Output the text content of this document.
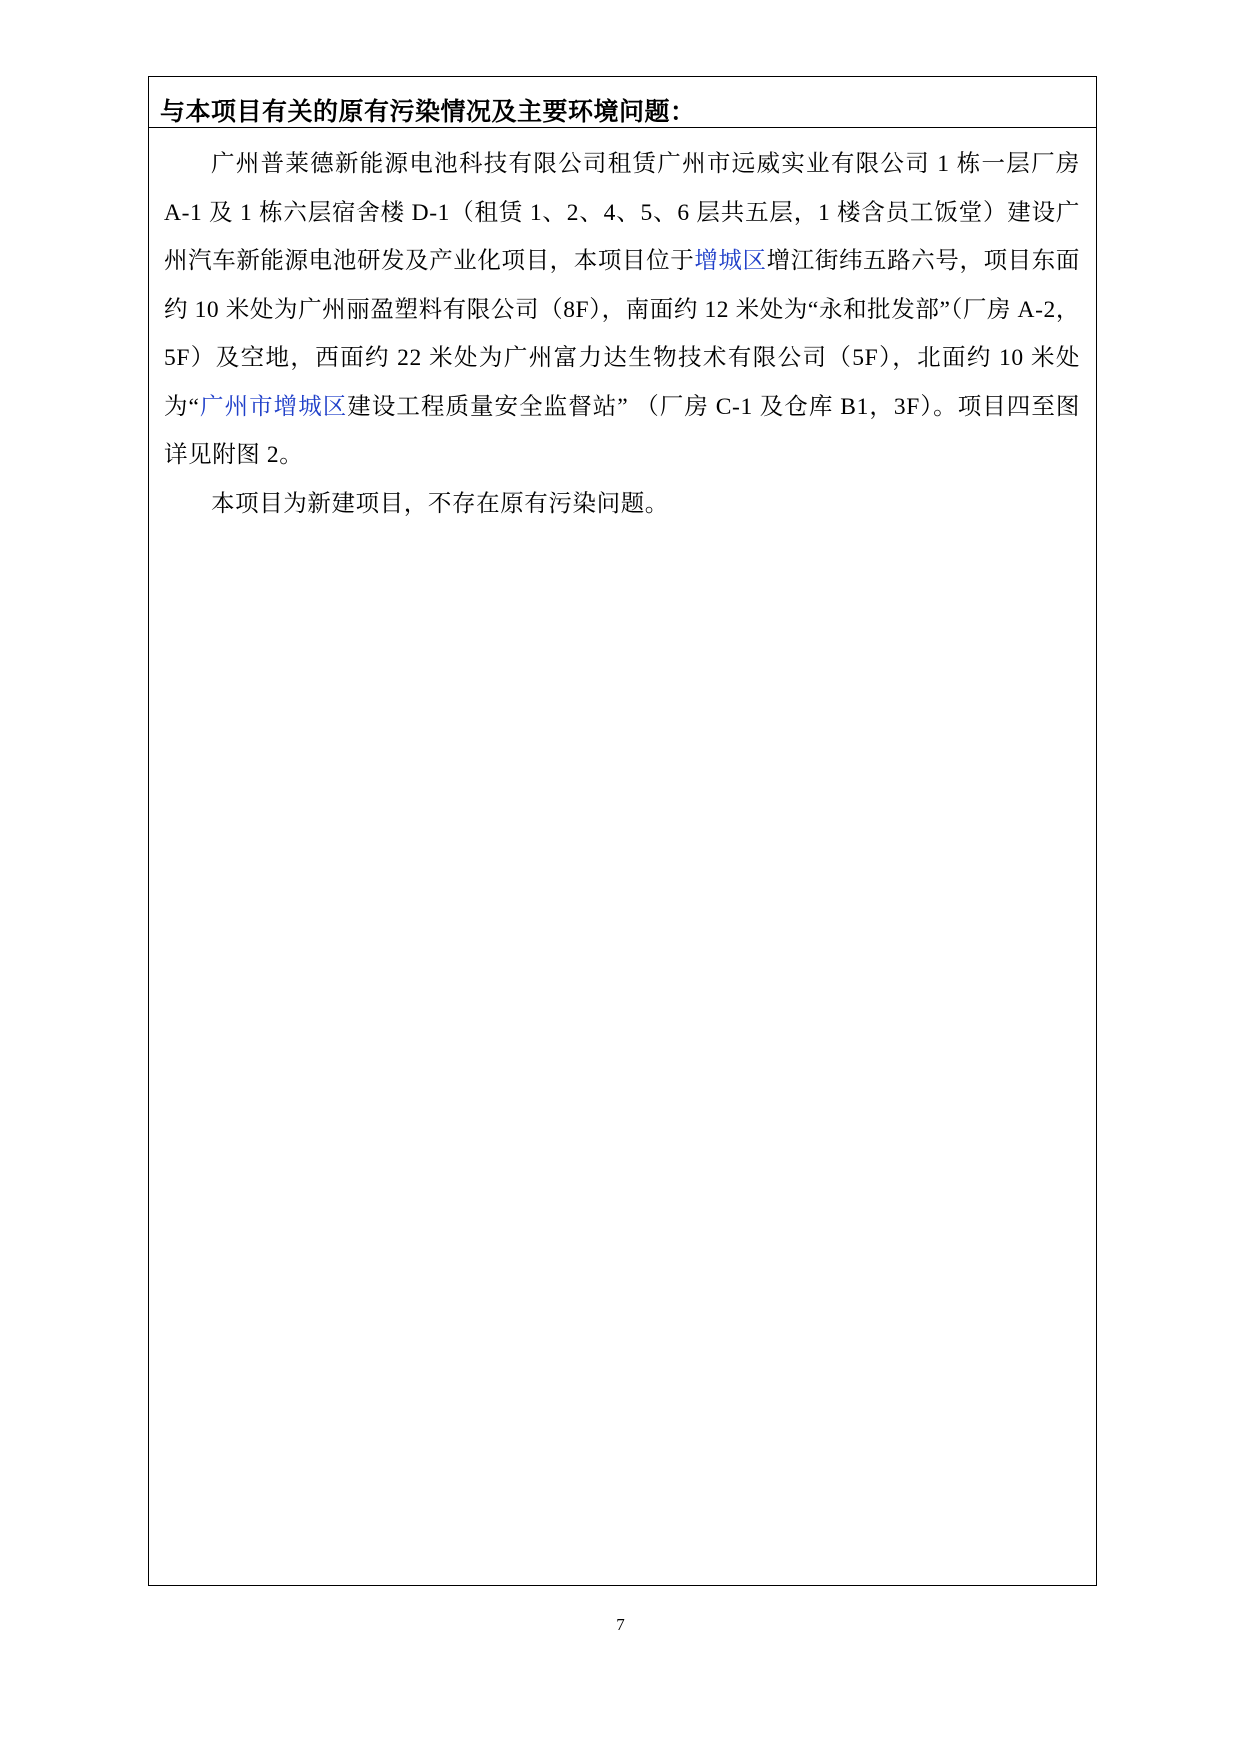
与本项目有关的原有污染情况及主要环境问题：

广州普莱德新能源电池科技有限公司租赁广州市远威实业有限公司 1 栋一层厂房 A-1 及 1 栋六层宿舍楼 D-1（租赁 1、2、4、5、6 层共五层，1 楼含员工饭堂）建设广州汽车新能源电池研发及产业化项目，本项目位于增城区增江街纬五路六号，项目东面约 10 米处为广州丽盈塑料有限公司（8F），南面约 12 米处为“永和批发部”（厂房 A-2，5F）及空地，西面约 22 米处为广州富力达生物技术有限公司（5F），北面约 10 米处为“广州市增城区建设工程质量安全监督站” （厂房 C-1 及仓库 B1，3F）。项目四至图详见附图 2。

本项目为新建项目，不存在原有污染问题。

7
